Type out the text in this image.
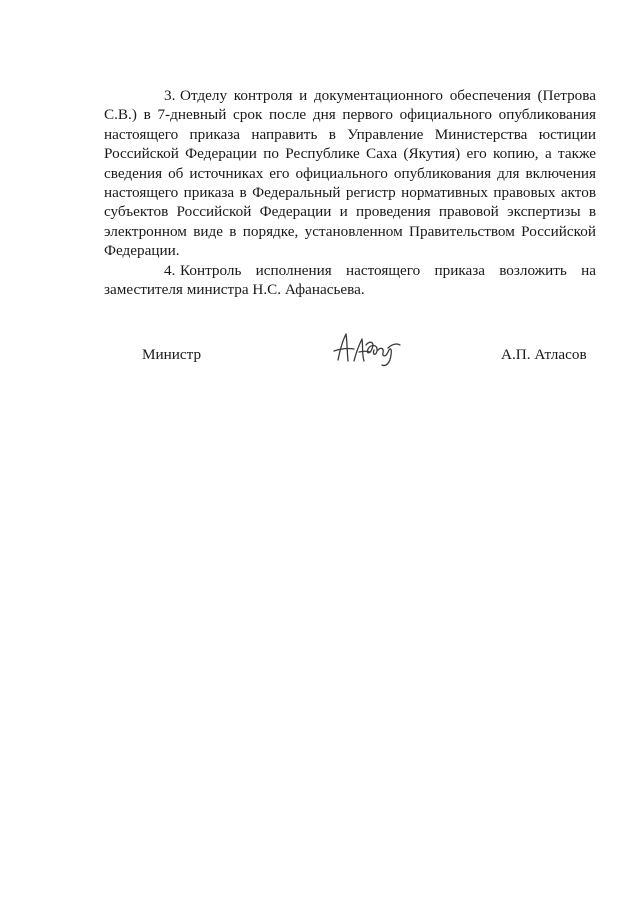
3. Отделу контроля и документационного обеспечения (Петрова С.В.) в 7-дневный срок после дня первого официального опубликования настоящего приказа направить в Управление Министерства юстиции Российской Федерации по Республике Саха (Якутия) его копию, а также сведения об источниках его официального опубликования для включения настоящего приказа в Федеральный регистр нормативных правовых актов субъектов Российской Федерации и проведения правовой экспертизы в электронном виде в порядке, установленном Правительством Российской Федерации.

4. Контроль исполнения настоящего приказа возложить на заместителя министра Н.С. Афанасьева.

Министр	А.П. Атласов
